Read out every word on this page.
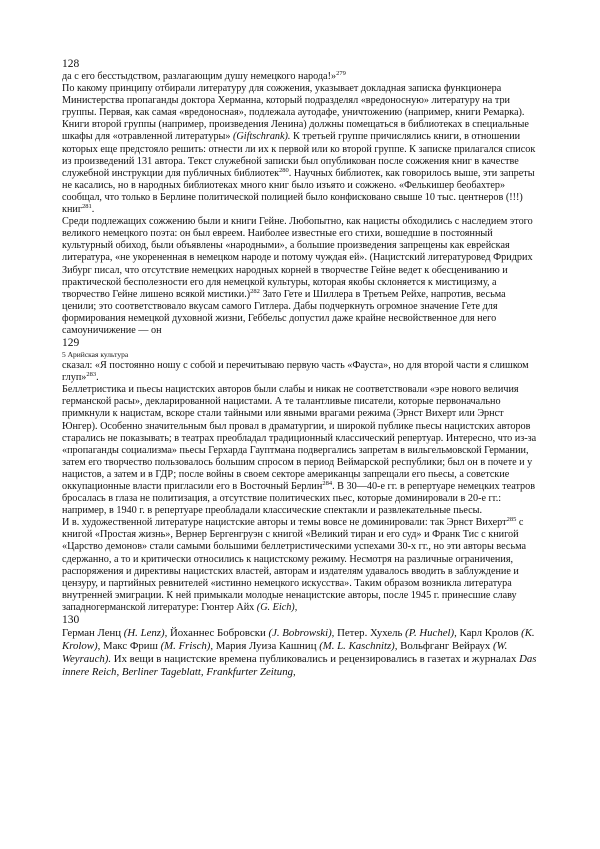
128

да с его бесстыдством, разлагающим душу немецкого народа!»$^{279}$

По какому принципу отбирали литературу для сожжения, указывает докладная записка функционера Министерства пропаганды доктора Херманна, который подразделял «вредоносную» литературу на три группы. Первая, как самая «вредоносная», подлежала аутодафе, уничтожению (например, книги Ремарка). Книги второй группы (например, произведения Ленина) должны помещаться в библиотеках в специальные шкафы для «отравленной литературы» (Giftschrank). К третьей группе причислялись книги, в отношении которых еще предстояло решить: отнести ли их к первой или ко второй группе. К записке прилагался список из произведений 131 автора. Текст служебной записки был опубликован после сожжения книг в качестве служебной инструкции для публичных библиотек$^{280}$. Научных библиотек, как говорилось выше, эти запреты не касались, но в народных библиотеках много книг было изъято и сожжено. «Фелькишер беобахтер» сообщал, что только в Берлине политической полицией было конфисковано свыше 10 тыс. центнеров (!!!) книг$^{281}$.

Среди подлежащих сожжению были и книги Гейне. Любопытно, как нацисты обходились с наследием этого великого немецкого поэта: он был евреем. Наиболее известные его стихи, вошедшие в постоянный культурный обиход, были объявлены «народными», а большие произведения запрещены как еврейская литература, «не укорененная в немецком народе и потому чуждая ей». (Нацистский литературовед Фридрих Зибург писал, что отсутствие немецких народных корней в творчестве Гейне ведет к обесцениванию и практической бесполезности его для немецкой культуры, которая якобы склоняется к мистицизму, а творчество Гейне лишено всякой мистики.)$^{282}$ Зато Гете и Шиллера в Третьем Рейхе, напротив, весьма ценили; это соответствовало вкусам самого Гитлера. Дабы подчеркнуть огромное значение Гете для формирования немецкой духовной жизни, Геббельс допустил даже крайне несвойственное для него самоуничижение — он

129
5 Арийская культура

сказал: «Я постоянно ношу с собой и перечитываю первую часть «Фауста», но для второй части я слишком глуп»$^{283}$.

Беллетристика и пьесы нацистских авторов были слабы и никак не соответствовали «эре нового величия германской расы», декларированной нацистами. А те талантливые писатели, которые первоначально примкнули к нацистам, вскоре стали тайными или явными врагами режима (Эрнст Вихерт или Эрнст Юнгер). Особенно значительным был провал в драматургии, и широкой публике пьесы нацистских авторов старались не показывать; в театрах преобладал традиционный классический репертуар. Интересно, что из-за «пропаганды социализма» пьесы Герхарда Гауптмана подвергались запретам в вильгельмовской Германии, затем его творчество пользовалось большим спросом в период Веймарской республики; был он в почете и у нацистов, а затем и в ГДР; после войны в своем секторе американцы запрещали его пьесы, а советские оккупационные власти пригласили его в Восточный Берлин$^{284}$. В 30—40-е гг. в репертуаре немецких театров бросалась в глаза не политизация, а отсутствие политических пьес, которые доминировали в 20-е гг.: например, в 1940 г. в репертуаре преобладали классические спектакли и развлекательные пьесы.

И в. художественной литературе нацистские авторы и темы вовсе не доминировали: так Эрнст Вихерт$^{285}$ с книгой «Простая жизнь», Вернер Бергенгруэн с книгой «Великий тиран и его суд» и Франк Тис с книгой «Царство демонов» стали самыми большими беллетристическими успехами 30-х гг., но эти авторы весьма сдержанно, а то и критически относились к нацистскому режиму. Несмотря на различные ограничения, распоряжения и директивы нацистских властей, авторам и издателям удавалось вводить в заблуждение и цензуру, и партийных ревнителей «истинно немецкого искусства». Таким образом возникла литература внутренней эмиграции. К ней примыкали молодые ненацистские авторы, после 1945 г. принесшие славу западногерманской литературе: Гюнтер Айх (G. Eich),

130

Герман Ленц (H. Lenz), Йоханнес Бобровски (J. Bobrowski), Петер. Хухель (P. Huchel), Карл Кролов (К. Krolow), Макс Фриш (M. Frisch), Мария Луиза Кашниц (M. L. Kaschnitz), Вольфганг Вейраух (W. Weyrauch). Их вещи в нацистские времена публиковались и рецензировались в газетах и журналах Das innere Reich, Berliner Tageblatt, Frankfurter Zeitung,
